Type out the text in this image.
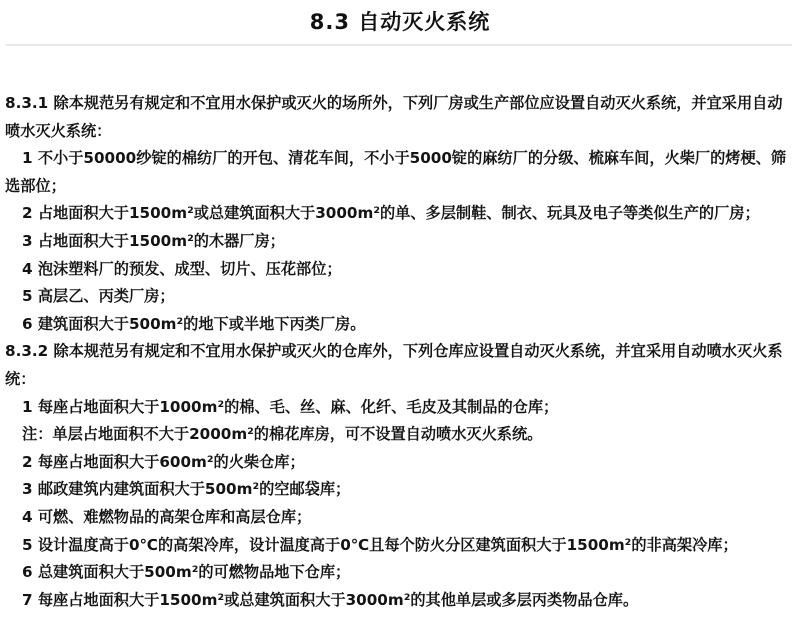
8.3 自动灭火系统
8.3.1 除本规范另有规定和不宜用水保护或灭火的场所外，下列厂房或生产部位应设置自动灭火系统，并宜采用自动
喷水灭火系统：
1 不小于50000纱锭的棉纺厂的开包、清花车间，不小于5000锭的麻纺厂的分级、梳麻车间，火柴厂的烤梗、筛
选部位；
2 占地面积大于1500m²或总建筑面积大于3000m²的单、多层制鞋、制衣、玩具及电子等类似生产的厂房；
3 占地面积大于1500m²的木器厂房；
4 泡沫塑料厂的预发、成型、切片、压花部位；
5 高层乙、丙类厂房；
6 建筑面积大于500m²的地下或半地下丙类厂房。
8.3.2 除本规范另有规定和不宜用水保护或灭火的仓库外，下列仓库应设置自动灭火系统，并宜采用自动喷水灭火系
统：
1 每座占地面积大于1000m²的棉、毛、丝、麻、化纤、毛皮及其制品的仓库；
注：单层占地面积不大于2000m²的棉花库房，可不设置自动喷水灭火系统。
2 每座占地面积大于600m²的火柴仓库；
3 邮政建筑内建筑面积大于500m²的空邮袋库；
4 可燃、难燃物品的高架仓库和高层仓库；
5 设计温度高于0℃的高架冷库，设计温度高于0℃且每个防火分区建筑面积大于1500m²的非高架冷库；
6 总建筑面积大于500m²的可燃物品地下仓库；
7 每座占地面积大于1500m²或总建筑面积大于3000m²的其他单层或多层丙类物品仓库。
